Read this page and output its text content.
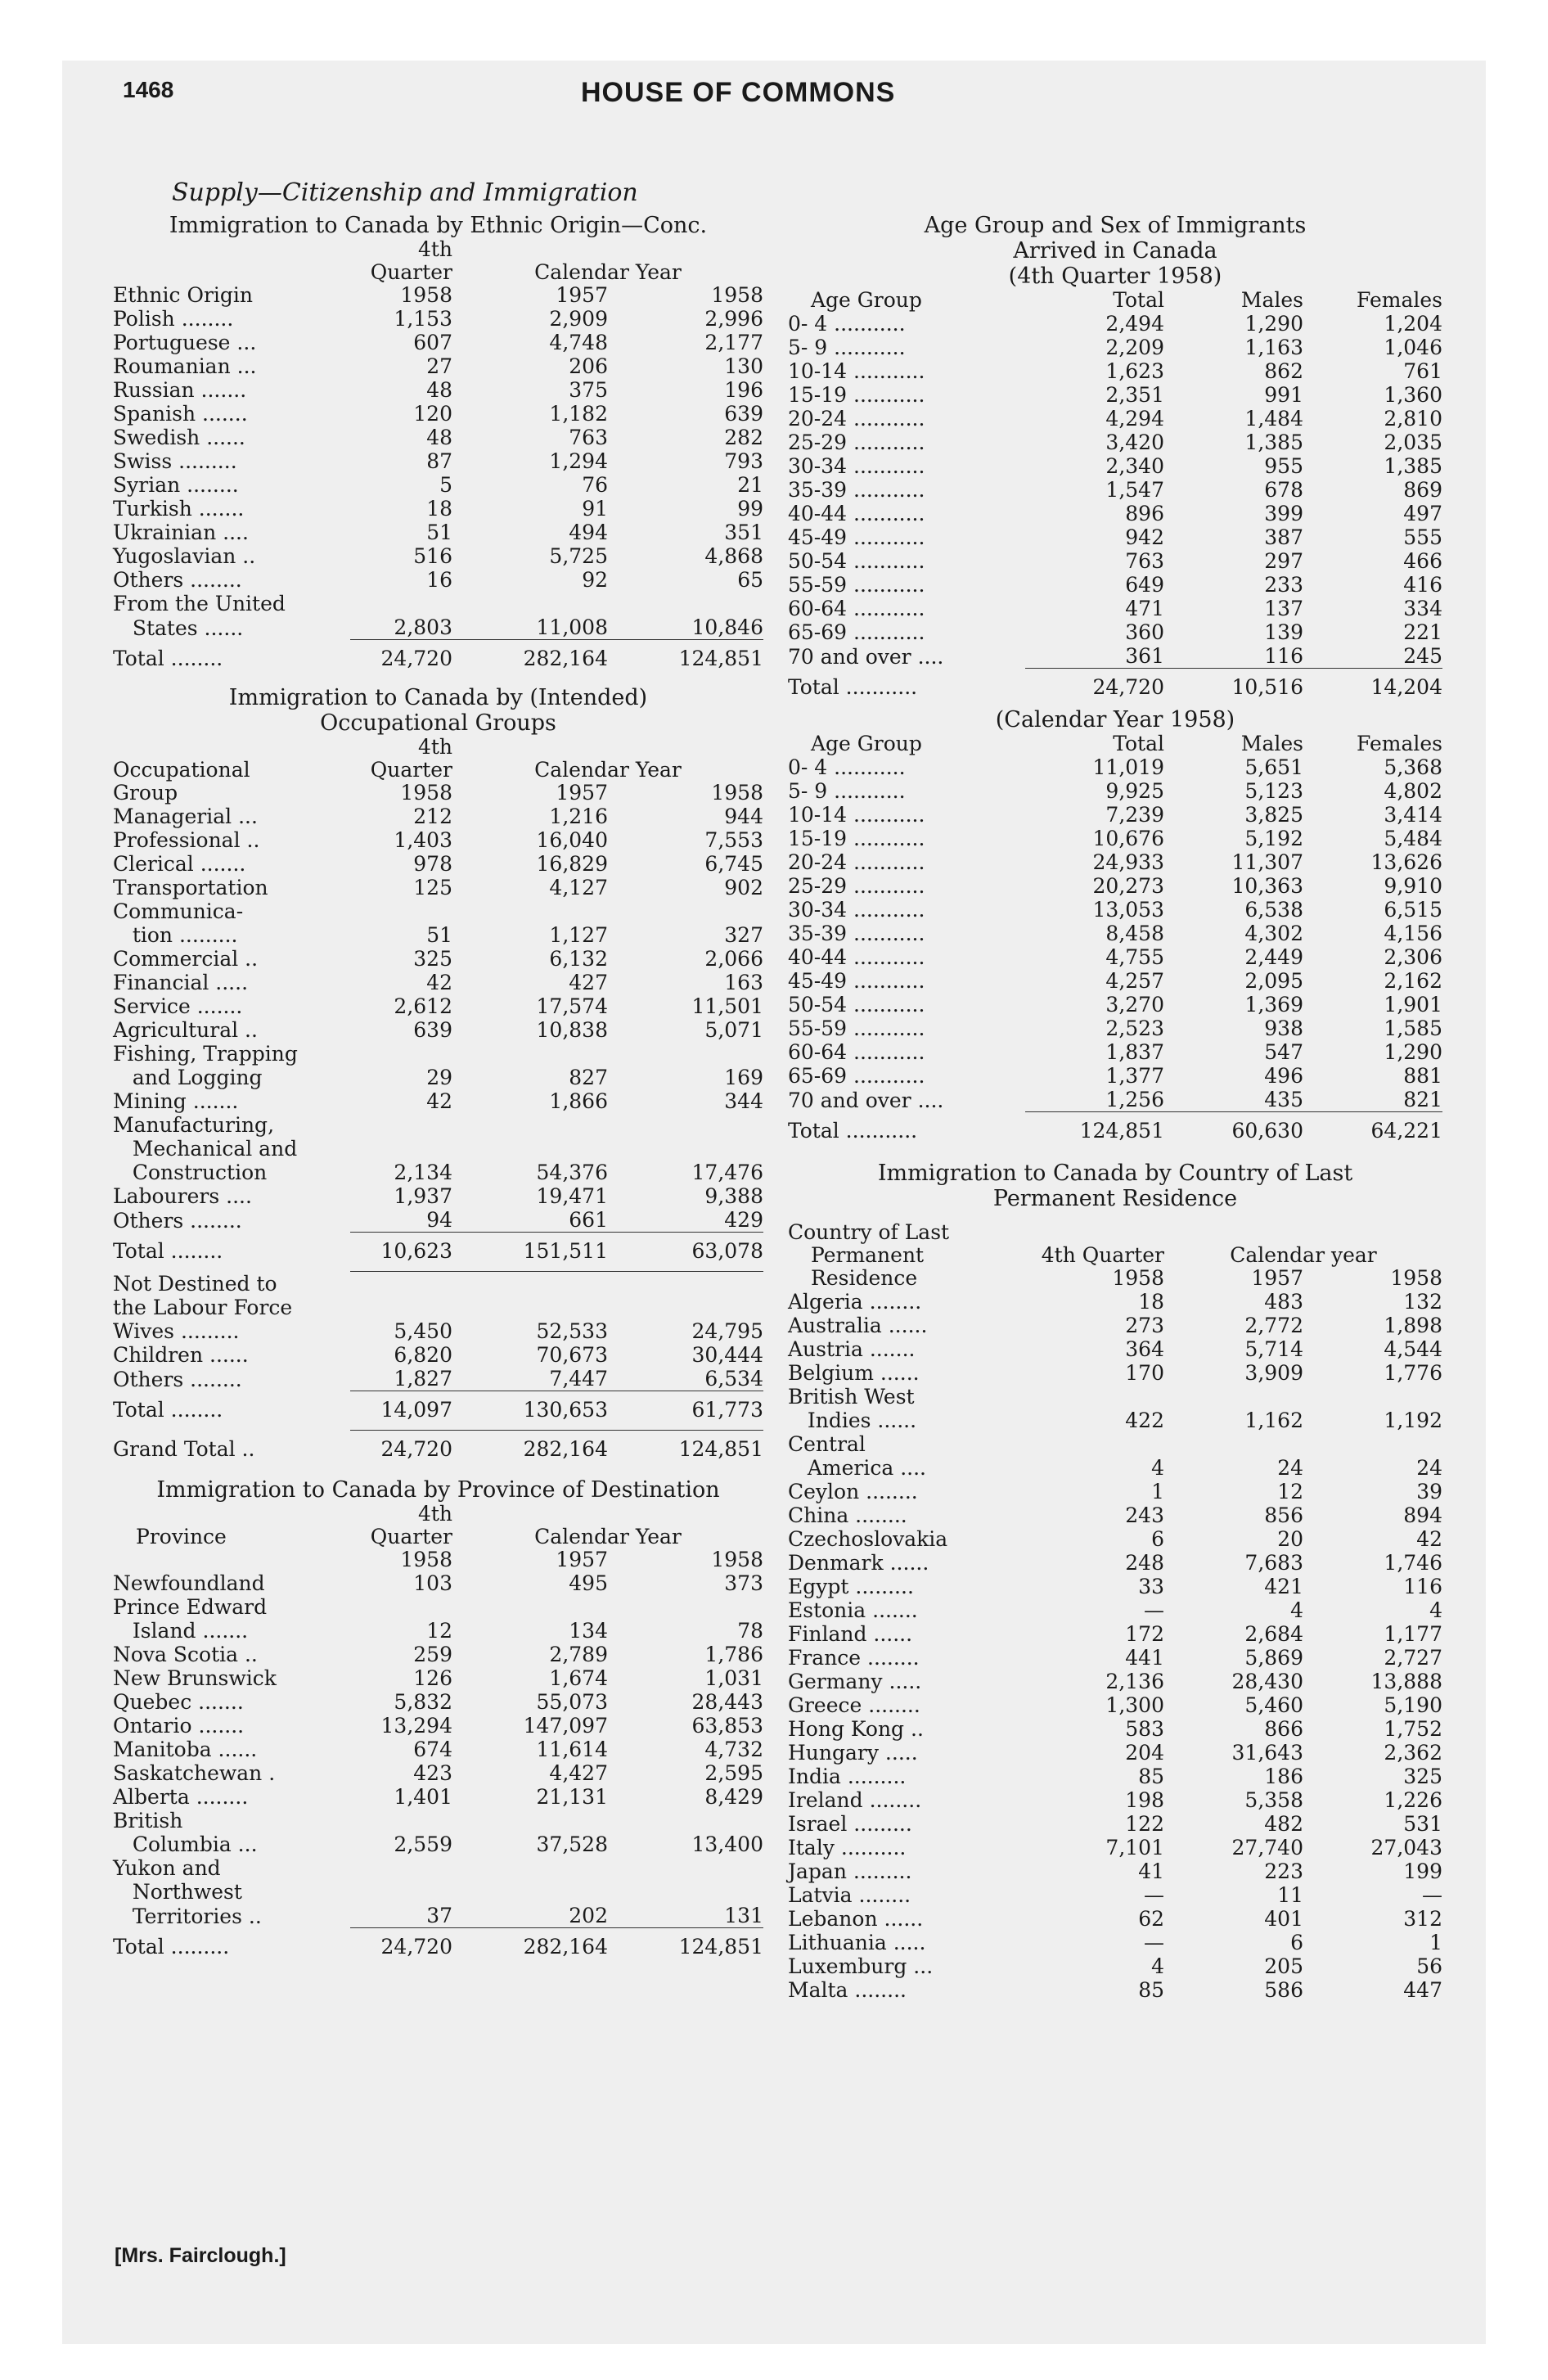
1468	HOUSE OF COMMONS
Supply—Citizenship and Immigration
Immigration to Canada by Ethnic Origin—Conc.
	4th Quarter	Calendar Year	
Ethnic Origin	1958	1957	1958
Polish ........	1,153	2,909	2,996
Portuguese ...	607	4,748	2,177
Roumanian ...	27	206	130
Russian .......	48	375	196
Spanish .......	120	1,182	639
Swedish ......	48	763	282
Swiss .........	87	1,294	793
Syrian ........	5	76	21
Turkish .......	18	91	99
Ukrainian ....	51	494	351
Yugoslavian ..	516	5,725	4,868
Others ........	16	92	65
From the United			
States ......	2,803	11,008	10,846
Total ........	24,720	282,164	124,851
Immigration to Canada by (Intended)
Occupational Groups
Occupational	4th Quarter	Calendar Year	
Group	1958	1957	1958
Managerial ...	212	1,216	944
Professional ..	1,403	16,040	7,553
Clerical .......	978	16,829	6,745
Transportation	125	4,127	902
Communica-			
tion .........	51	1,127	327
Commercial ..	325	6,132	2,066
Financial .....	42	427	163
Service .......	2,612	17,574	11,501
Agricultural ..	639	10,838	5,071
Fishing, Trapping			
and Logging	29	827	169
Mining .......	42	1,866	344
Manufacturing,			
Mechanical and			
Construction	2,134	54,376	17,476
Labourers ....	1,937	19,471	9,388
Others ........	94	661	429
Total ........	10,623	151,511	63,078

Not Destined to			
the Labour Force			
Wives .........	5,450	52,533	24,795
Children ......	6,820	70,673	30,444
Others ........	1,827	7,447	6,534
Total ........	14,097	130,653	61,773

Grand Total ..	24,720	282,164	124,851
Immigration to Canada by Province of Destination
Province	4th Quarter	Calendar Year	
	1958	1957	1958
Newfoundland	103	495	373
Prince Edward			
Island .......	12	134	78
Nova Scotia ..	259	2,789	1,786
New Brunswick	126	1,674	1,031
Quebec .......	5,832	55,073	28,443
Ontario .......	13,294	147,097	63,853
Manitoba ......	674	11,614	4,732
Saskatchewan .	423	4,427	2,595
Alberta ........	1,401	21,131	8,429
British			
Columbia ...	2,559	37,528	13,400
Yukon and			
Northwest			
Territories ..	37	202	131
Total .........	24,720	282,164	124,851
Age Group and Sex of Immigrants
Arrived in Canada
(4th Quarter 1958)
Age Group	Total	Males	Females
0- 4 ...........	2,494	1,290	1,204
5- 9 ...........	2,209	1,163	1,046
10-14 ...........	1,623	862	761
15-19 ...........	2,351	991	1,360
20-24 ...........	4,294	1,484	2,810
25-29 ...........	3,420	1,385	2,035
30-34 ...........	2,340	955	1,385
35-39 ...........	1,547	678	869
40-44 ...........	896	399	497
45-49 ...........	942	387	555
50-54 ...........	763	297	466
55-59 ...........	649	233	416
60-64 ...........	471	137	334
65-69 ...........	360	139	221
70 and over ....	361	116	245
Total ...........	24,720	10,516	14,204
(Calendar Year 1958)
Age Group	Total	Males	Females
0- 4 ...........	11,019	5,651	5,368
5- 9 ...........	9,925	5,123	4,802
10-14 ...........	7,239	3,825	3,414
15-19 ...........	10,676	5,192	5,484
20-24 ...........	24,933	11,307	13,626
25-29 ...........	20,273	10,363	9,910
30-34 ...........	13,053	6,538	6,515
35-39 ...........	8,458	4,302	4,156
40-44 ...........	4,755	2,449	2,306
45-49 ...........	4,257	2,095	2,162
50-54 ...........	3,270	1,369	1,901
55-59 ...........	2,523	938	1,585
60-64 ...........	1,837	547	1,290
65-69 ...........	1,377	496	881
70 and over ....	1,256	435	821
Total ...........	124,851	60,630	64,221
Immigration to Canada by Country of Last
Permanent Residence
Country of Last			
Permanent	4th Quarter	Calendar year	
Residence	1958	1957	1958
Algeria ........	18	483	132
Australia ......	273	2,772	1,898
Austria .......	364	5,714	4,544
Belgium ......	170	3,909	1,776
British West			
Indies ......	422	1,162	1,192
Central			
America ....	4	24	24
Ceylon ........	1	12	39
China ........	243	856	894
Czechoslovakia	6	20	42
Denmark ......	248	7,683	1,746
Egypt .........	33	421	116
Estonia .......	—	4	4
Finland ......	172	2,684	1,177
France ........	441	5,869	2,727
Germany .....	2,136	28,430	13,888
Greece ........	1,300	5,460	5,190
Hong Kong ..	583	866	1,752
Hungary .....	204	31,643	2,362
India .........	85	186	325
Ireland ........	198	5,358	1,226
Israel .........	122	482	531
Italy ..........	7,101	27,740	27,043
Japan .........	41	223	199
Latvia ........	—	11	—
Lebanon ......	62	401	312
Lithuania .....	—	6	1
Luxemburg ...	4	205	56
Malta ........	85	586	447
[Mrs. Fairclough.]
